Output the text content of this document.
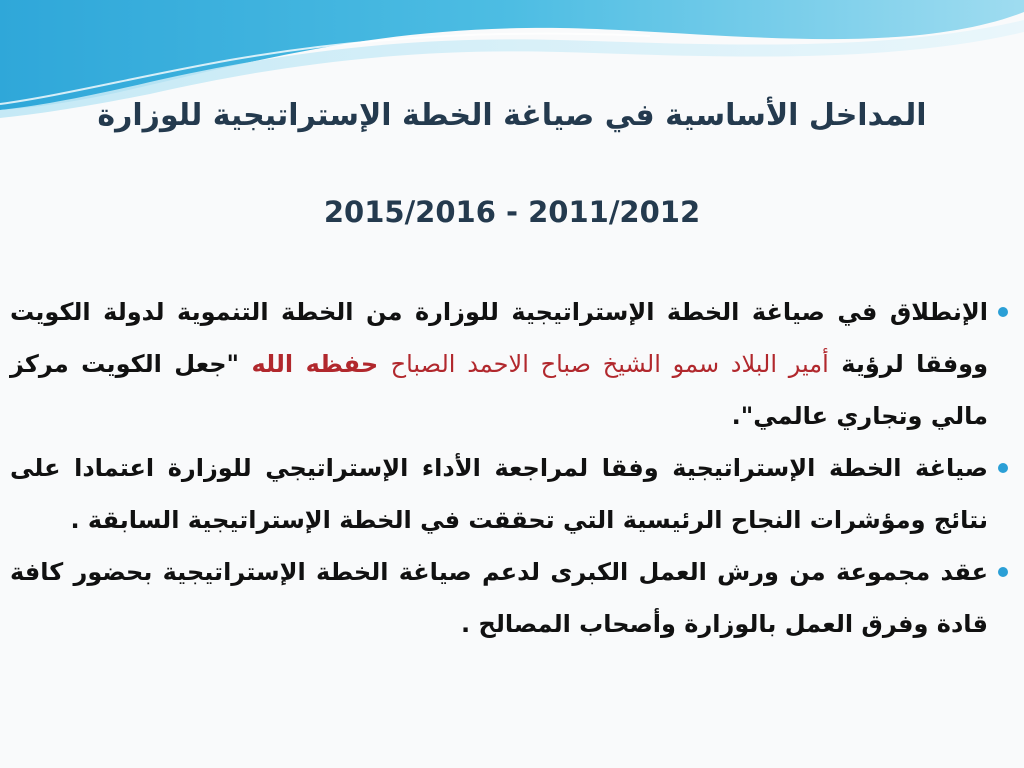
المداخل الأساسية في صياغة الخطة الإستراتيجية للوزارة
2015/2016 - 2011/2012
الإنطلاق في صياغة الخطة الإستراتيجية للوزارة من الخطة التنموية لدولة الكويت ووفقا لرؤية أمير البلاد سمو الشيخ صباح الاحمد الصباح حفظه الله "جعل الكويت مركز مالي وتجاري عالمي".
صياغة الخطة الإستراتيجية وفقا لمراجعة الأداء الإستراتيجي للوزارة اعتمادا على نتائج ومؤشرات النجاح الرئيسية التي تحققت في الخطة الإستراتيجية السابقة .
عقد مجموعة من ورش العمل الكبرى لدعم صياغة الخطة الإستراتيجية بحضور كافة قادة وفرق العمل بالوزارة وأصحاب المصالح .
